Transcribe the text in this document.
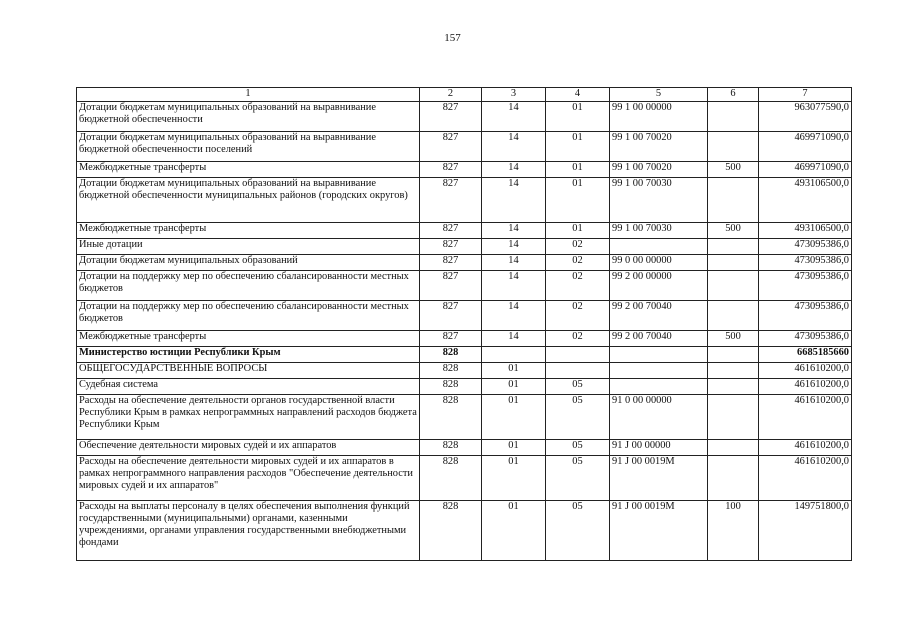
157
1	2	3	4	5	6	7
Дотации бюджетам муниципальных образований на выравнивание бюджетной обеспеченности	827	14	01	99 1 00 00000		963077590,0
Дотации бюджетам муниципальных образований на выравнивание бюджетной обеспеченности поселений	827	14	01	99 1 00 70020		469971090,0
Межбюджетные трансферты	827	14	01	99 1 00 70020	500	469971090,0
Дотации бюджетам муниципальных образований на выравнивание бюджетной обеспеченности муниципальных районов (городских округов)	827	14	01	99 1 00 70030		493106500,0
Межбюджетные трансферты	827	14	01	99 1 00 70030	500	493106500,0
Иные дотации	827	14	02			473095386,0
Дотации бюджетам муниципальных образований	827	14	02	99 0 00 00000		473095386,0
Дотации на поддержку мер по обеспечению сбалансированности местных бюджетов	827	14	02	99 2 00 00000		473095386,0
Дотации на поддержку мер по обеспечению сбалансированности местных бюджетов	827	14	02	99 2 00 70040		473095386,0
Межбюджетные трансферты	827	14	02	99 2 00 70040	500	473095386,0
Министерство юстиции Республики Крым	828					6685185660
ОБЩЕГОСУДАРСТВЕННЫЕ ВОПРОСЫ	828	01				461610200,0
Судебная система	828	01	05			461610200,0
Расходы на обеспечение деятельности органов государственной власти Республики Крым в рамках непрограммных направлений расходов бюджета Республики Крым	828	01	05	91 0 00 00000		461610200,0
Обеспечение деятельности мировых судей и их аппаратов	828	01	05	91 J 00 00000		461610200,0
Расходы на обеспечение деятельности мировых судей и их аппаратов в рамках непрограммного направления расходов "Обеспечение деятельности мировых судей и их аппаратов"	828	01	05	91 J 00 0019M		461610200,0
Расходы на выплаты персоналу в целях обеспечения выполнения функций государственными (муниципальными) органами, казенными учреждениями, органами управления государственными внебюджетными фондами	828	01	05	91 J 00 0019M	100	149751800,0
